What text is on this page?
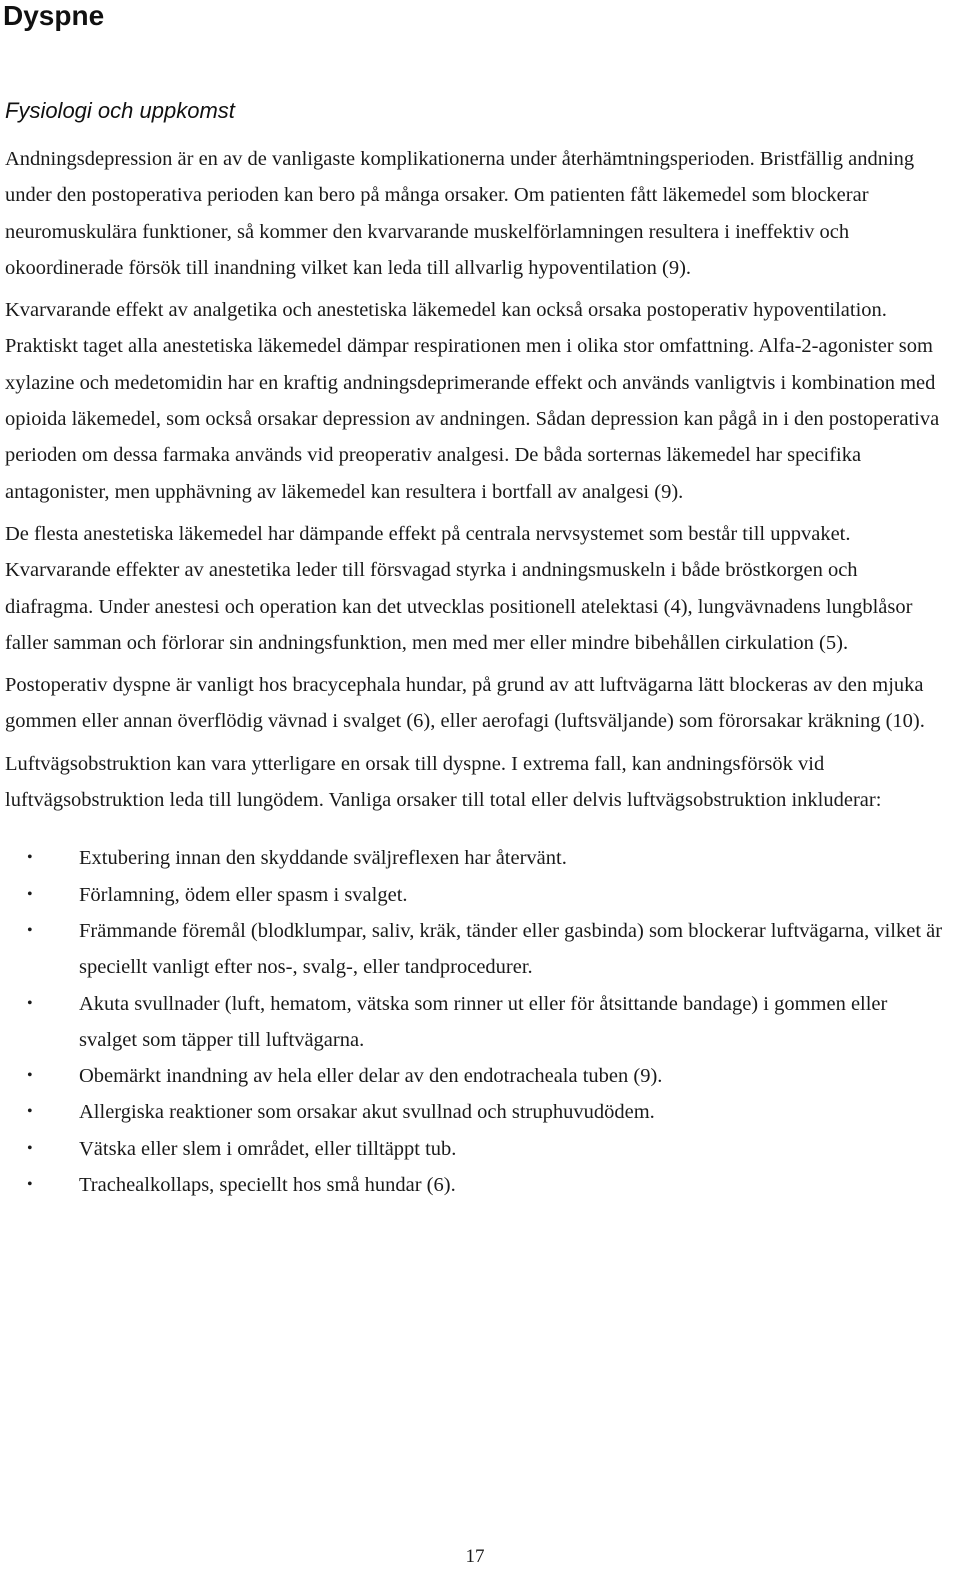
Dyspne
Fysiologi och uppkomst

Andningsdepression är en av de vanligaste komplikationerna under återhämtningsperioden. Bristfällig andning under den postoperativa perioden kan bero på många orsaker. Om patienten fått läkemedel som blockerar neuromuskulära funktioner, så kommer den kvarvarande muskelförlamningen resultera i ineffektiv och okoordinerade försök till inandning vilket kan leda till allvarlig hypoventilation (9).

Kvarvarande effekt av analgetika och anestetiska läkemedel kan också orsaka postoperativ hypoventilation. Praktiskt taget alla anestetiska läkemedel dämpar respirationen men i olika stor omfattning. Alfa-2-agonister som xylazine och medetomidin har en kraftig andningsdeprimerande effekt och används vanligtvis i kombination med opioida läkemedel, som också orsakar depression av andningen. Sådan depression kan pågå in i den postoperativa perioden om dessa farmaka används vid preoperativ analgesi. De båda sorternas läkemedel har specifika antagonister, men upphävning av läkemedel kan resultera i bortfall av analgesi (9).

De flesta anestetiska läkemedel har dämpande effekt på centrala nervsystemet som består till uppvaket. Kvarvarande effekter av anestetika leder till försvagad styrka i andningsmuskeln i både bröstkorgen och diafragma. Under anestesi och operation kan det utvecklas positionell atelektasi (4), lungvävnadens lungblåsor faller samman och förlorar sin andningsfunktion, men med mer eller mindre bibehållen cirkulation (5).

Postoperativ dyspne är vanligt hos bracycephala hundar, på grund av att luftvägarna lätt blockeras av den mjuka gommen eller annan överflödig vävnad i svalget (6), eller aerofagi (luftsväljande) som förorsakar kräkning (10).

Luftvägsobstruktion kan vara ytterligare en orsak till dyspne. I extrema fall, kan andningsförsök vid luftvägsobstruktion leda till lungödem. Vanliga orsaker till total eller delvis luftvägsobstruktion inkluderar:

• Extubering innan den skyddande sväljreflexen har återvänt.
• Förlamning, ödem eller spasm i svalget.
• Främmande föremål (blodklumpar, saliv, kräk, tänder eller gasbinda) som blockerar luftvägarna, vilket är speciellt vanligt efter nos-, svalg-, eller tandprocedurer.
• Akuta svullnader (luft, hematom, vätska som rinner ut eller för åtsittande bandage) i gommen eller svalget som täpper till luftvägarna.
• Obemärkt inandning av hela eller delar av den endotracheala tuben (9).
• Allergiska reaktioner som orsakar akut svullnad och struphuvudödem.
• Vätska eller slem i området, eller tilltäppt tub.
• Trachealkollaps, speciellt hos små hundar (6).
17
